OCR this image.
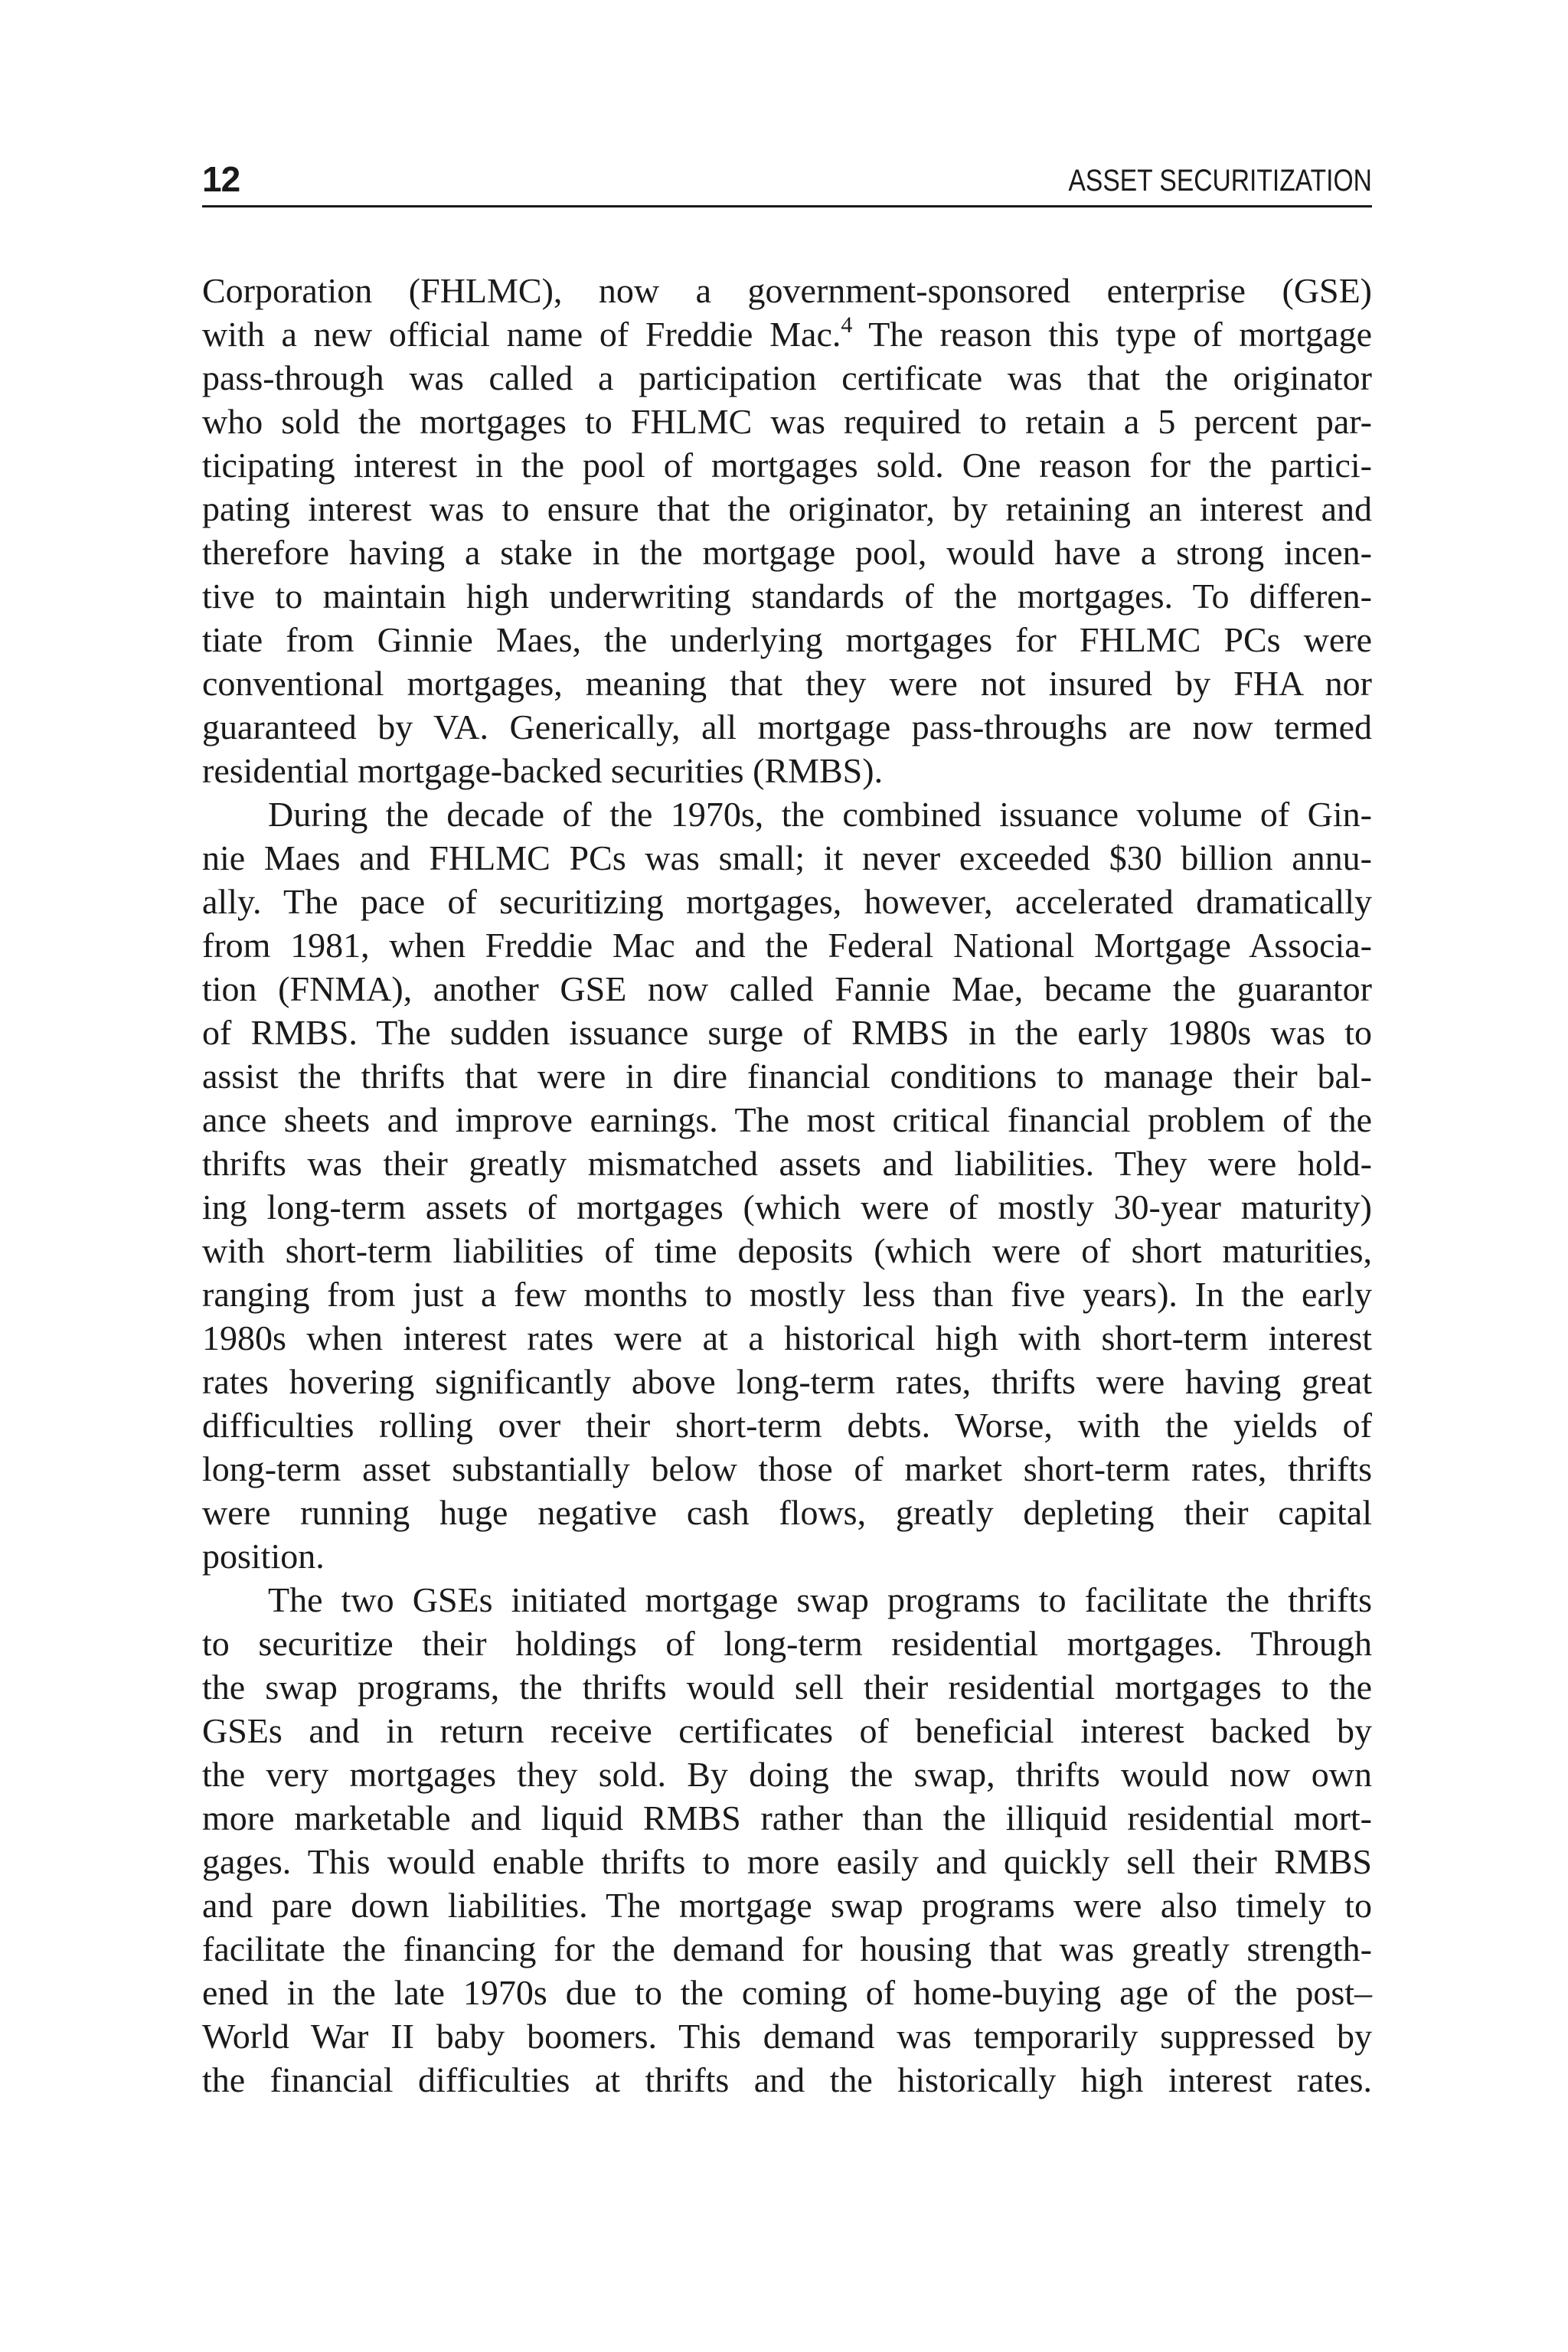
12	ASSET SECURITIZATION

Corporation (FHLMC), now a government-sponsored enterprise (GSE)
with a new official name of Freddie Mac.$^4$ The reason this type of mortgage
pass-through was called a participation certificate was that the originator
who sold the mortgages to FHLMC was required to retain a 5 percent par-
ticipating interest in the pool of mortgages sold. One reason for the partici-
pating interest was to ensure that the originator, by retaining an interest and
therefore having a stake in the mortgage pool, would have a strong incen-
tive to maintain high underwriting standards of the mortgages. To differen-
tiate from Ginnie Maes, the underlying mortgages for FHLMC PCs were
conventional mortgages, meaning that they were not insured by FHA nor
guaranteed by VA. Generically, all mortgage pass-throughs are now termed
residential mortgage-backed securities (RMBS).

During the decade of the 1970s, the combined issuance volume of Gin-
nie Maes and FHLMC PCs was small; it never exceeded $30 billion annu-
ally. The pace of securitizing mortgages, however, accelerated dramatically
from 1981, when Freddie Mac and the Federal National Mortgage Associa-
tion (FNMA), another GSE now called Fannie Mae, became the guarantor
of RMBS. The sudden issuance surge of RMBS in the early 1980s was to
assist the thrifts that were in dire financial conditions to manage their bal-
ance sheets and improve earnings. The most critical financial problem of the
thrifts was their greatly mismatched assets and liabilities. They were hold-
ing long-term assets of mortgages (which were of mostly 30-year maturity)
with short-term liabilities of time deposits (which were of short maturities,
ranging from just a few months to mostly less than five years). In the early
1980s when interest rates were at a historical high with short-term interest
rates hovering significantly above long-term rates, thrifts were having great
difficulties rolling over their short-term debts. Worse, with the yields of
long-term asset substantially below those of market short-term rates, thrifts
were running huge negative cash flows, greatly depleting their capital
position.

The two GSEs initiated mortgage swap programs to facilitate the thrifts
to securitize their holdings of long-term residential mortgages. Through
the swap programs, the thrifts would sell their residential mortgages to the
GSEs and in return receive certificates of beneficial interest backed by
the very mortgages they sold. By doing the swap, thrifts would now own
more marketable and liquid RMBS rather than the illiquid residential mort-
gages. This would enable thrifts to more easily and quickly sell their RMBS
and pare down liabilities. The mortgage swap programs were also timely to
facilitate the financing for the demand for housing that was greatly strength-
ened in the late 1970s due to the coming of home-buying age of the post–
World War II baby boomers. This demand was temporarily suppressed by
the financial difficulties at thrifts and the historically high interest rates.
